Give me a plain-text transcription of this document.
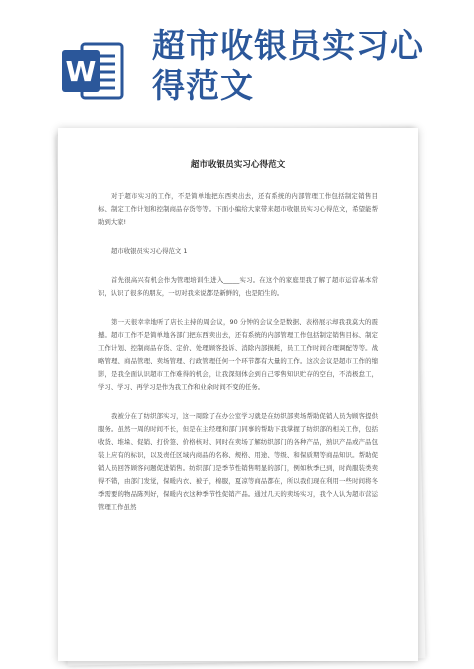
W
超市收银员实习心得范文
超市收银员实习心得范文

对于超市实习的工作，不是简单地把东西卖出去，还有系统的内部管理工作包括制定销售目标、制定工作计划和控制商品存货等等。下面小编给大家带来超市收银员实习心得范文，希望能帮助到大家!

超市收银员实习心得范文 1

首先很高兴有机会作为管理培训生进入_____实习。在这个的家庭里我了解了超市运营基本常识，认识了很多的朋友，一切对我来说都是新鲜的，也是陌生的。

第一天很幸幸地听了店长主持的周会议，90 分钟的会议全是数据、表格展示却我我莫大的震撼。超市工作不是简单地各部门把东西卖出去，还有系统的内部管理工作包括制定销售目标、制定工作计划、控制商品存货、定价、处理顾客投诉、消除内部损耗，员工工作时间合理调配等等。战略管理、商品管理、卖场管理、行政管理任何一个环节都有大量的工作。这次会议是超市工作的缩影，是我全面认识超市工作难得的机会，让我深刻体会到自己零售知识贮存的空白，不消极怠工，学习、学习、再学习是作为我工作和业余时间不变的任务。

我被分在了纺织部实习，这一周除了在办公室学习就是在纺织部卖场帮助促销人员为顾客提供服务。虽然一周的时间不长，但是在主经理和部门同事的帮助下我掌握了纺织部的相关工作，包括收货、堆垛、促销、打价签、价格核对、同时在卖场了解纺织部门的各种产品，熟识产品或产品包装上应有的标识，以及责任区域内商品的名称、规格、用途、等级、和保质期等商品知识。帮助促销人员回答顾客问题促进销售。纺织部门是季节性销售明显的部门，例如秋季已到，时尚服装类卖得不错，由部门发觉，保暖内衣、被子，棉服，夏凉等商品都在，所以我们现在利用一些时间将冬季需要的物品陈列好，保暖内衣这种季节性促销产品。通过几天的卖场实习，我个人认为超市营运管理工作虽然
